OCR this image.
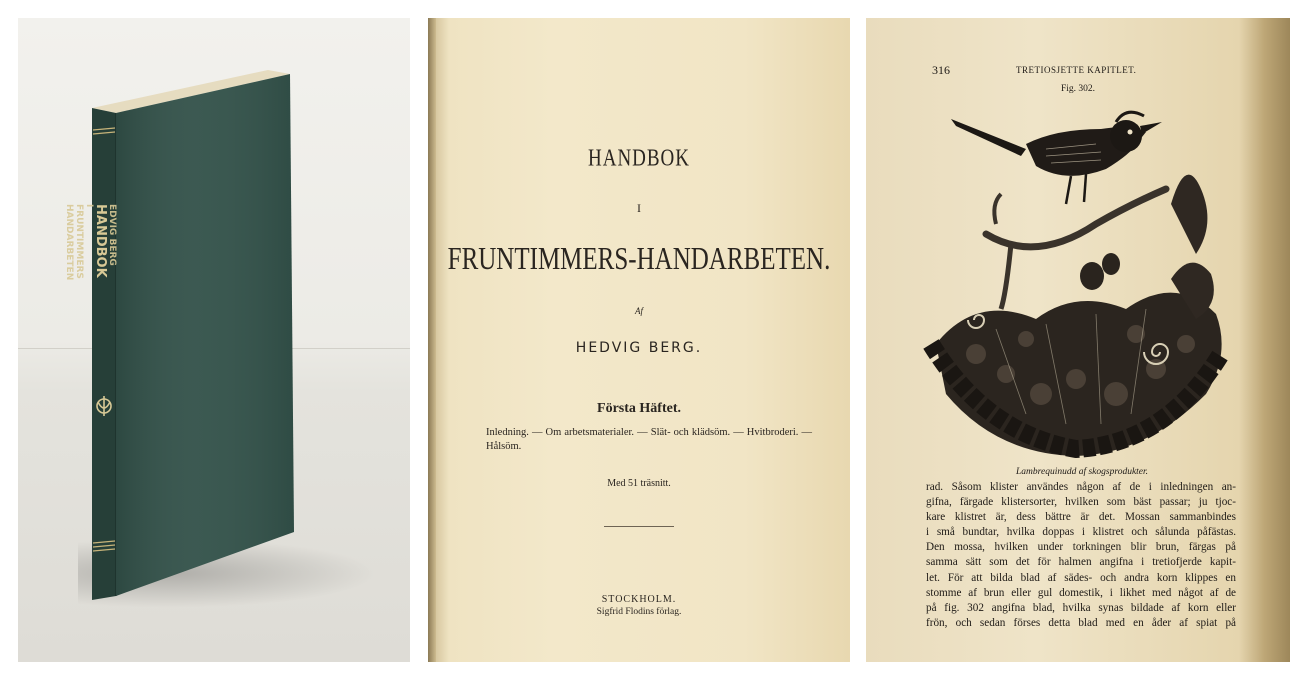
EDVIG BERG
HANDBOK
I
FRUNTIMMERS
HANDARBETEN
HANDBOK
I
FRUNTIMMERS-HANDARBETEN.
Af
HEDVIG BERG.
Första Häftet.
Inledning. — Om arbetsmaterialer. — Slät- och klädsöm. — Hvitbroderi. — Hålsöm.
Med 51 träsnitt.
STOCKHOLM.
Sigfrid Flodins förlag.
316	TRETIOSJETTE KAPITLET.
Fig. 302.
Lambrequinudd af skogsprodukter.
rad. Såsom klister användes någon af de i inledningen an-
gifna, färgade klistersorter, hvilken som bäst passar; ju tjoc-
kare klistret är, dess bättre är det. Mossan sammanbindes
i små bundtar, hvilka doppas i klistret och sålunda påfästas.
Den mossa, hvilken under torkningen blir brun, färgas på
samma sätt som det för halmen angifna i tretiofjerde kapit-
let. För att bilda blad af sädes- och andra korn klippes en
stomme af brun eller gul domestik, i likhet med något af de
på fig. 302 angifna blad, hvilka synas bildade af korn eller
frön, och sedan förses detta blad med en åder af spiat på
